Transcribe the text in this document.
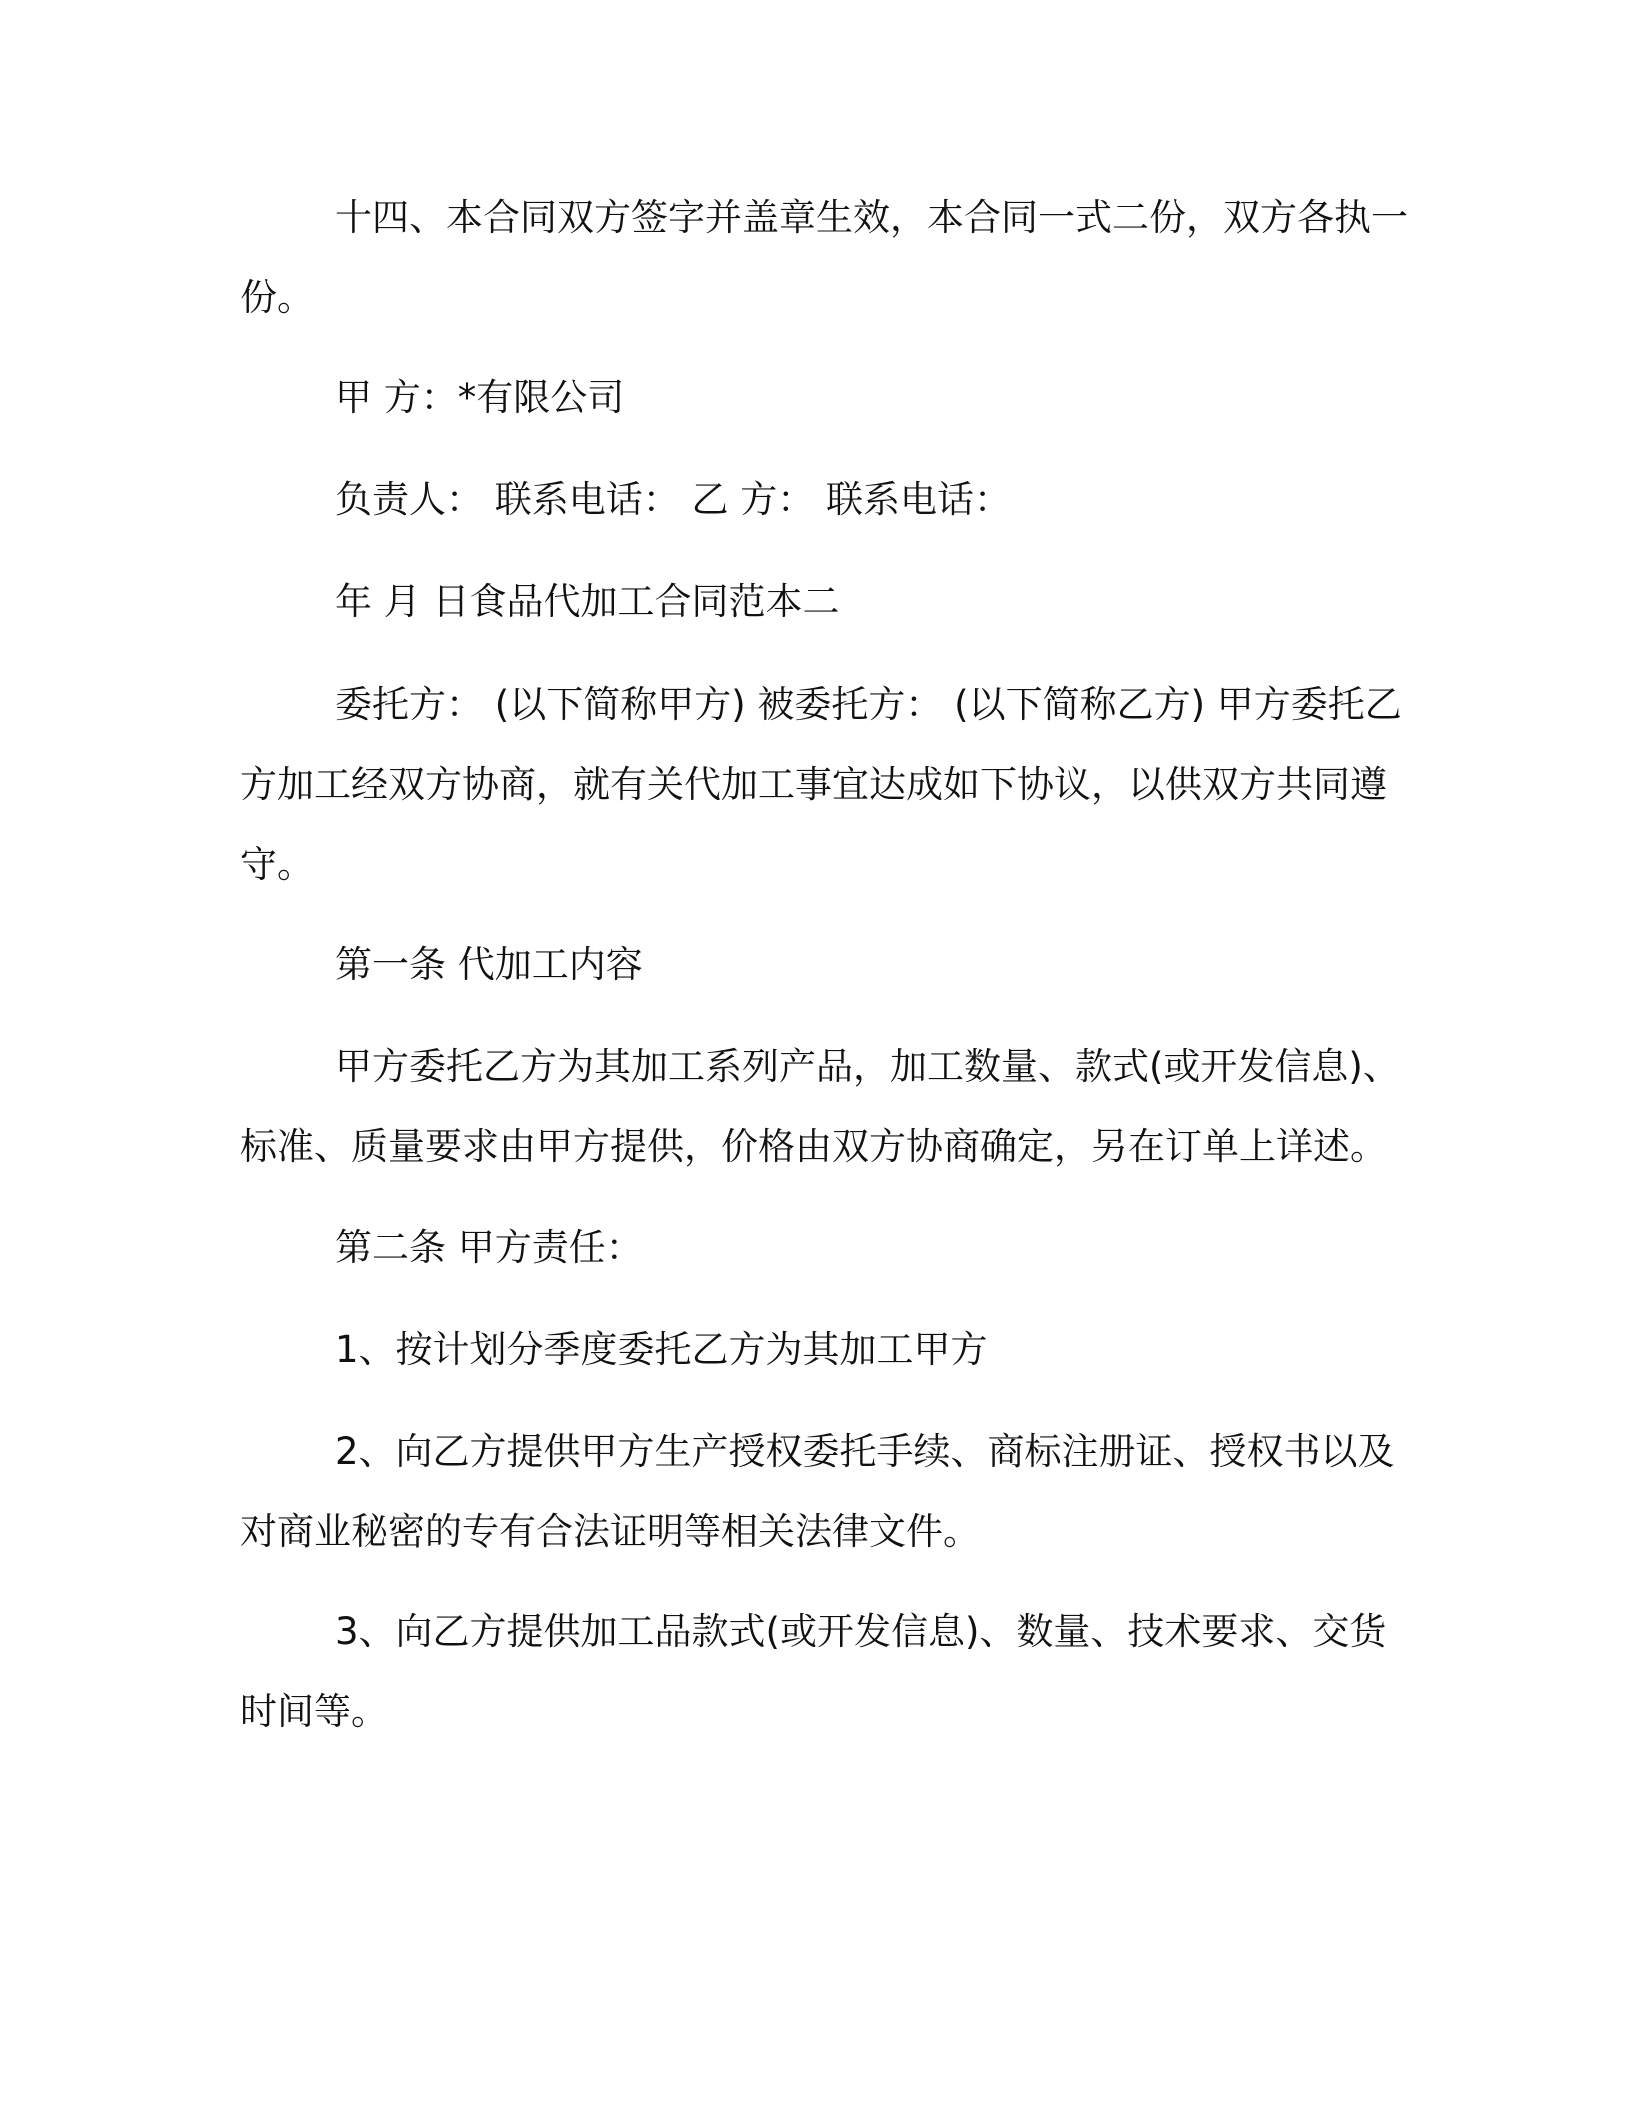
十四、本合同双方签字并盖章生效，本合同一式二份，双方各执一份。

甲 方：*有限公司

负责人： 联系电话： 乙 方： 联系电话：

年 月 日食品代加工合同范本二

委托方： (以下简称甲方) 被委托方： (以下简称乙方) 甲方委托乙方加工经双方协商，就有关代加工事宜达成如下协议，以供双方共同遵守。

第一条 代加工内容

甲方委托乙方为其加工系列产品，加工数量、款式(或开发信息)、标准、质量要求由甲方提供，价格由双方协商确定，另在订单上详述。

第二条 甲方责任：

1、按计划分季度委托乙方为其加工甲方

2、向乙方提供甲方生产授权委托手续、商标注册证、授权书以及对商业秘密的专有合法证明等相关法律文件。

3、向乙方提供加工品款式(或开发信息)、数量、技术要求、交货时间等。
